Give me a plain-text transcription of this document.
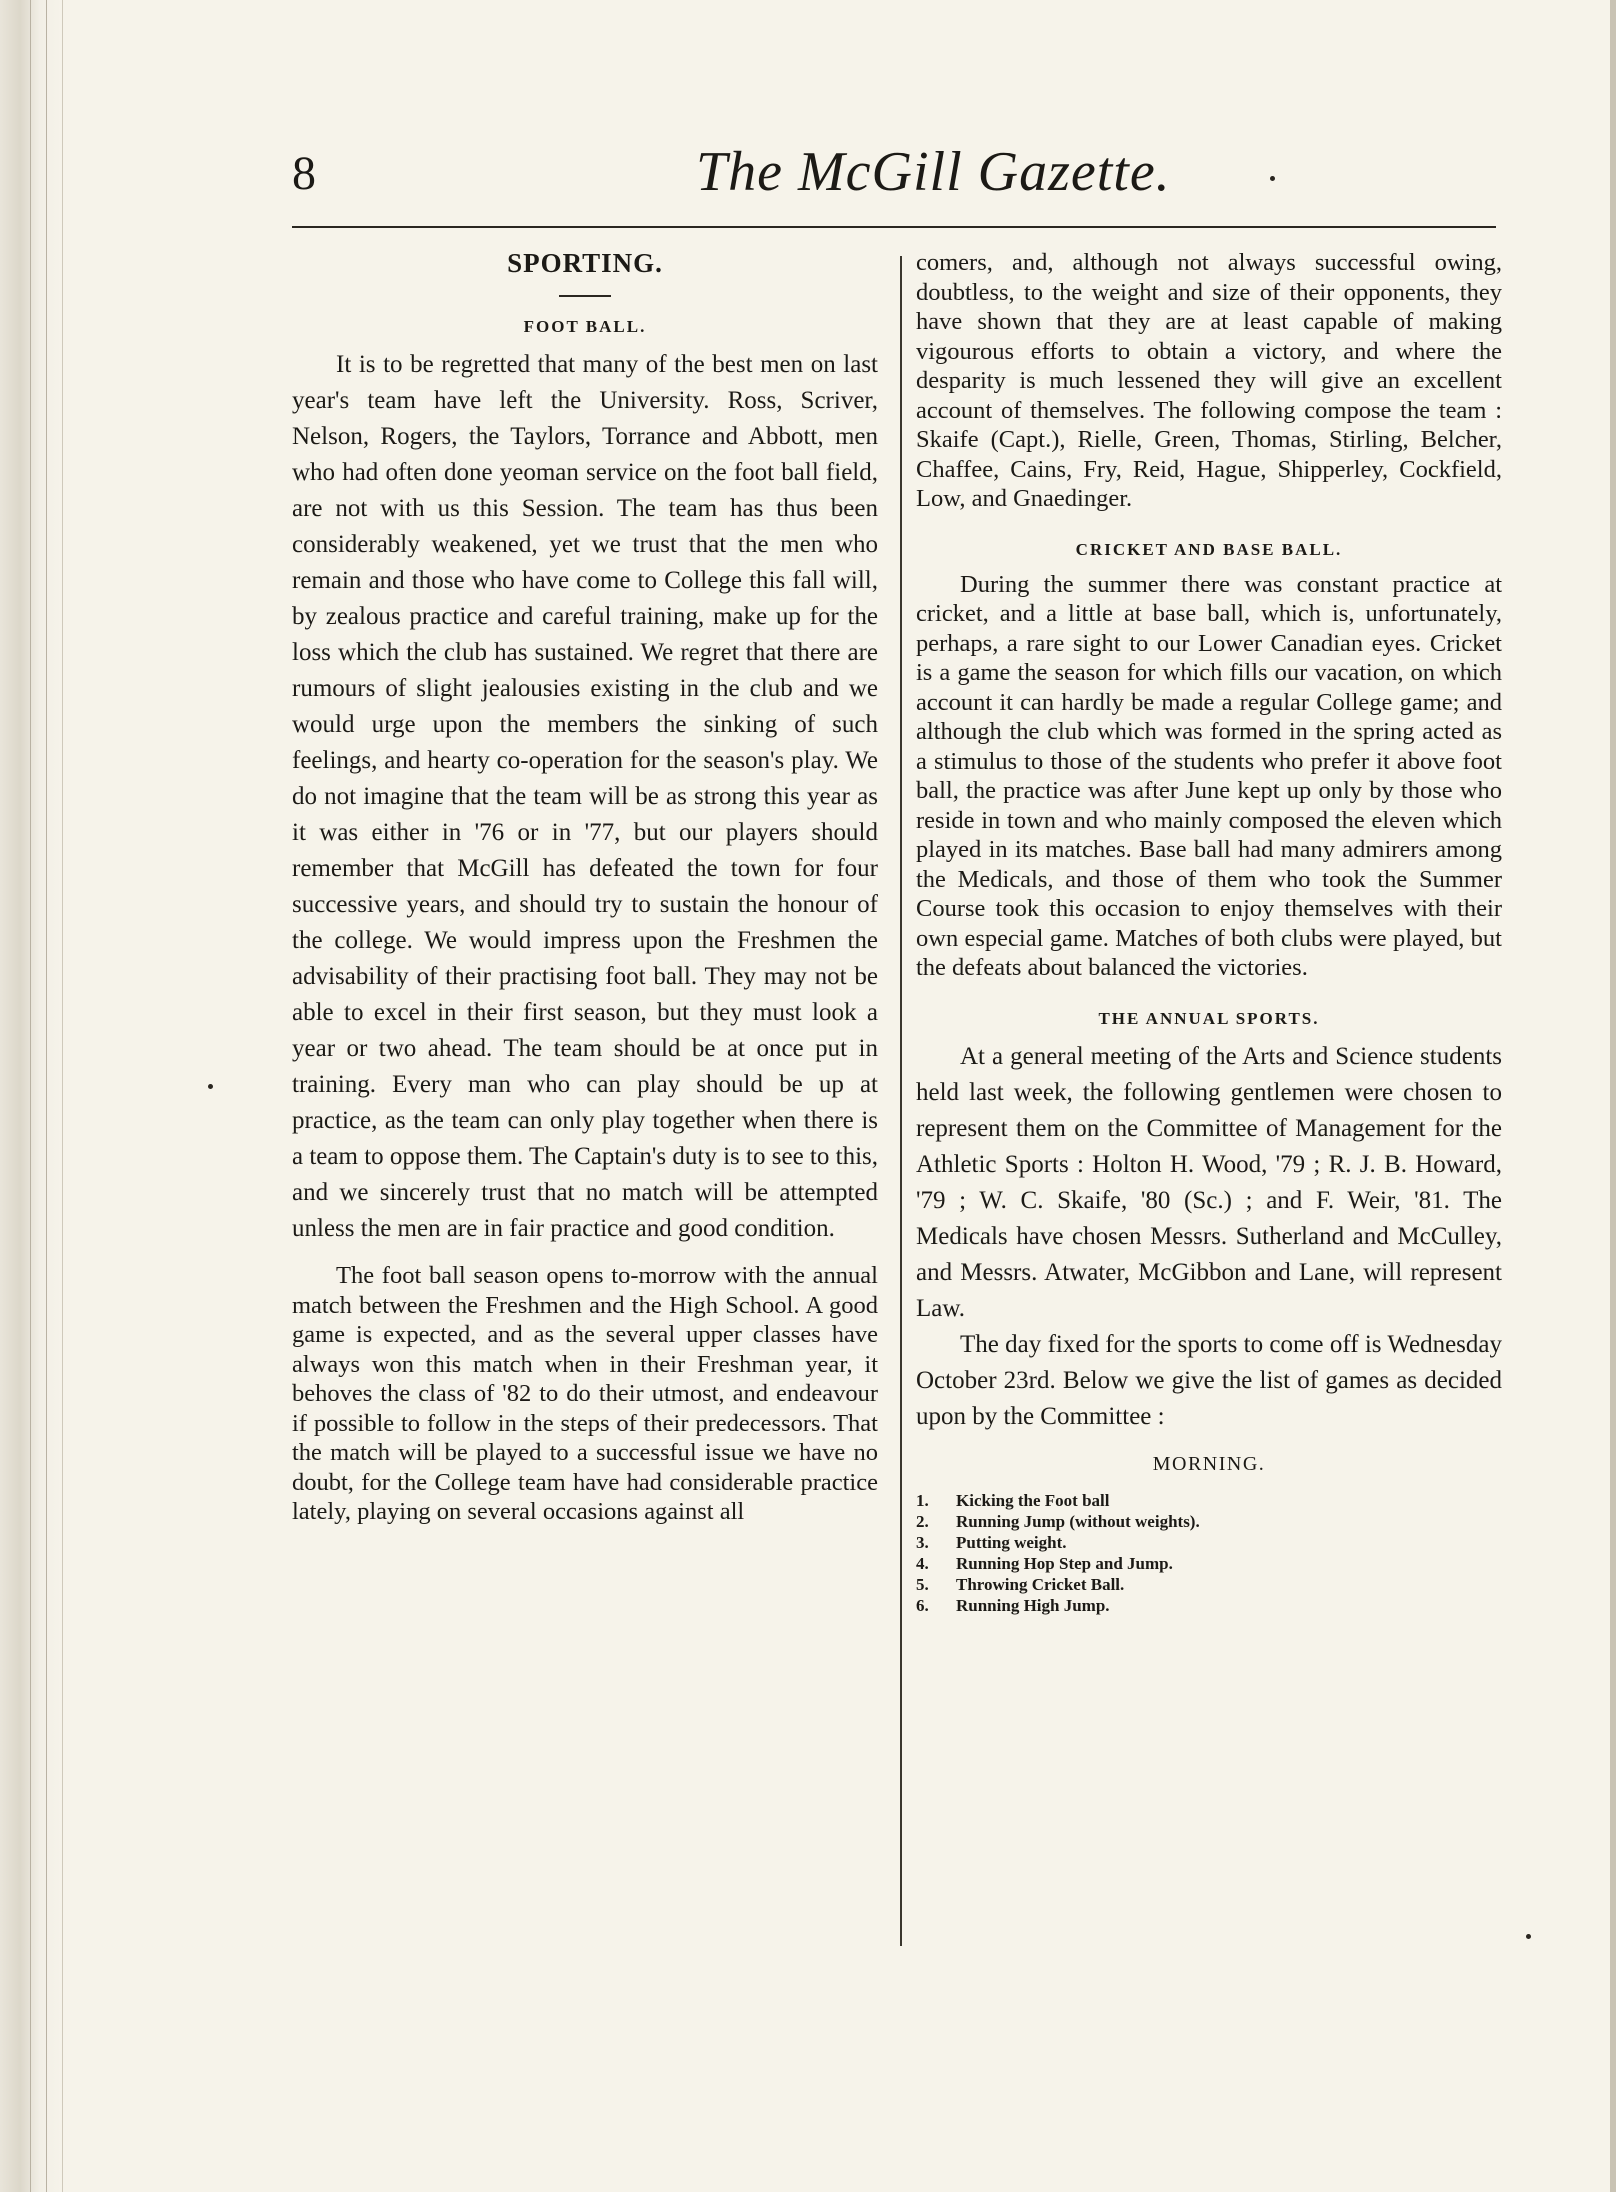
8	The McGill Gazette.
SPORTING.
FOOT BALL.

It is to be regretted that many of the best men on last year's team have left the University. Ross, Scriver, Nelson, Rogers, the Taylors, Torrance and Abbott, men who had often done yeoman service on the foot ball field, are not with us this Session. The team has thus been considerably weakened, yet we trust that the men who remain and those who have come to College this fall will, by zealous practice and careful training, make up for the loss which the club has sustained. We regret that there are rumours of slight jealousies existing in the club and we would urge upon the members the sinking of such feelings, and hearty co-operation for the season's play. We do not imagine that the team will be as strong this year as it was either in '76 or in '77, but our players should remember that McGill has defeated the town for four successive years, and should try to sustain the honour of the college. We would impress upon the Freshmen the advisability of their practising foot ball. They may not be able to excel in their first season, but they must look a year or two ahead. The team should be at once put in training. Every man who can play should be up at practice, as the team can only play together when there is a team to oppose them. The Captain's duty is to see to this, and we sincerely trust that no match will be attempted unless the men are in fair practice and good condition.

The foot ball season opens to-morrow with the annual match between the Freshmen and the High School. A good game is expected, and as the several upper classes have always won this match when in their Freshman year, it behoves the class of '82 to do their utmost, and endeavour if possible to follow in the steps of their predecessors. That the match will be played to a successful issue we have no doubt, for the College team have had considerable practice lately, playing on several occasions against all

comers, and, although not always successful owing, doubtless, to the weight and size of their opponents, they have shown that they are at least capable of making vigourous efforts to obtain a victory, and where the desparity is much lessened they will give an excellent account of themselves. The following compose the team : Skaife (Capt.), Rielle, Green, Thomas, Stirling, Belcher, Chaffee, Cains, Fry, Reid, Hague, Shipperley, Cockfield, Low, and Gnaedinger.

CRICKET AND BASE BALL.

During the summer there was constant practice at cricket, and a little at base ball, which is, unfortunately, perhaps, a rare sight to our Lower Canadian eyes. Cricket is a game the season for which fills our vacation, on which account it can hardly be made a regular College game; and although the club which was formed in the spring acted as a stimulus to those of the students who prefer it above foot ball, the practice was after June kept up only by those who reside in town and who mainly composed the eleven which played in its matches. Base ball had many admirers among the Medicals, and those of them who took the Summer Course took this occasion to enjoy themselves with their own especial game. Matches of both clubs were played, but the defeats about balanced the victories.

THE ANNUAL SPORTS.

At a general meeting of the Arts and Science students held last week, the following gentlemen were chosen to represent them on the Committee of Management for the Athletic Sports : Holton H. Wood, '79 ; R. J. B. Howard, '79 ; W. C. Skaife, '80 (Sc.) ; and F. Weir, '81. The Medicals have chosen Messrs. Sutherland and McCulley, and Messrs. Atwater, McGibbon and Lane, will represent Law.

The day fixed for the sports to come off is Wednesday October 23rd. Below we give the list of games as decided upon by the Committee :

MORNING.
1.	Kicking the Foot ball
2.	Running Jump (without weights).
3.	Putting weight.
4.	Running Hop Step and Jump.
5.	Throwing Cricket Ball.
6.	Running High Jump.
